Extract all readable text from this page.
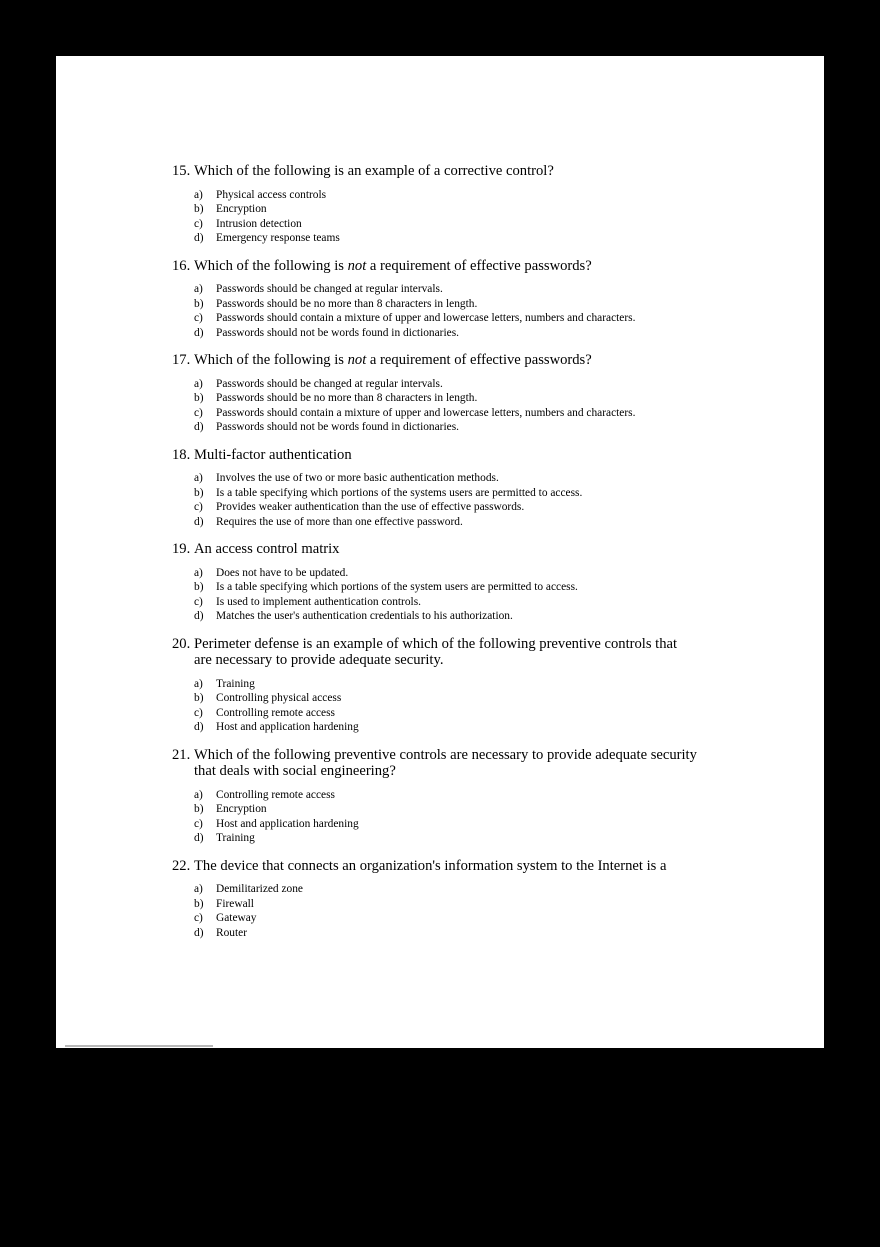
15. Which of the following is an example of a corrective control?
a)	Physical access controls
b)	Encryption
c)	Intrusion detection
d)	Emergency response teams
16. Which of the following is not a requirement of effective passwords?
a)	Passwords should be changed at regular intervals.
b)	Passwords should be no more than 8 characters in length.
c)	Passwords should contain a mixture of upper and lowercase letters, numbers and characters.
d)	Passwords should not be words found in dictionaries.
17. Which of the following is not a requirement of effective passwords?
a)	Passwords should be changed at regular intervals.
b)	Passwords should be no more than 8 characters in length.
c)	Passwords should contain a mixture of upper and lowercase letters, numbers and characters.
d)	Passwords should not be words found in dictionaries.
18. Multi-factor authentication
a)	Involves the use of two or more basic authentication methods.
b)	Is a table specifying which portions of the systems users are permitted to access.
c)	Provides weaker authentication than the use of effective passwords.
d)	Requires the use of more than one effective password.
19. An access control matrix
a)	Does not have to be updated.
b)	Is a table specifying which portions of the system users are permitted to access.
c)	Is used to implement authentication controls.
d)	Matches the user's authentication credentials to his authorization.
20. Perimeter defense is an example of which of the following preventive controls that are necessary to provide adequate security.
a)	Training
b)	Controlling physical access
c)	Controlling remote access
d)	Host and application hardening
21. Which of the following preventive controls are necessary to provide adequate security that deals with social engineering?
a)	Controlling remote access
b)	Encryption
c)	Host and application hardening
d)	Training
22. The device that connects an organization's information system to the Internet is a
a)	Demilitarized zone
b)	Firewall
c)	Gateway
d)	Router
